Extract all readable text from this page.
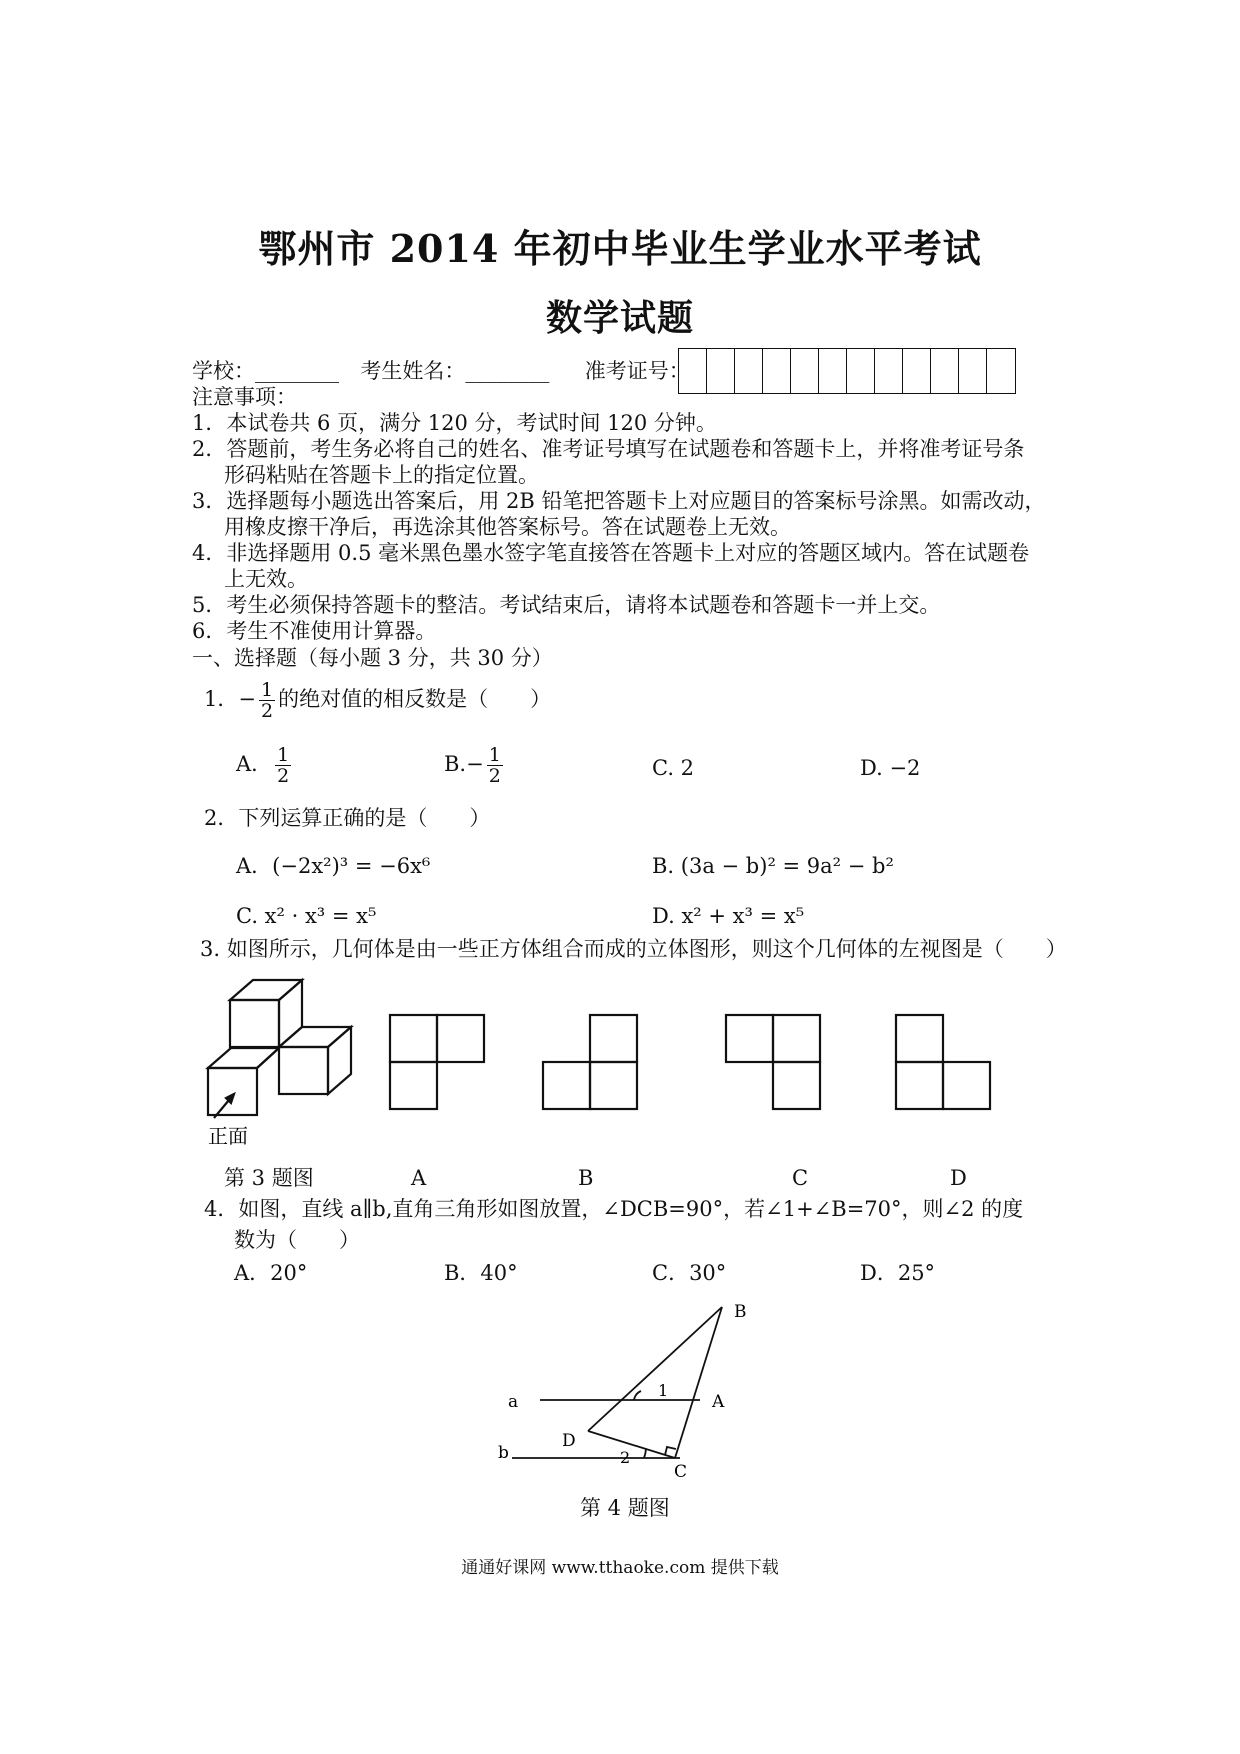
鄂州市 2014 年初中毕业生学业水平考试
数学试题
学校：________ 考生姓名：________ 准考证号：
注意事项：
1．本试卷共 6 页，满分 120 分，考试时间 120 分钟。
2．答题前，考生务必将自己的姓名、准考证号填写在试题卷和答题卡上，并将准考证号条
形码粘贴在答题卡上的指定位置。
3．选择题每小题选出答案后，用 2B 铅笔把答题卡上对应题目的答案标号涂黑。如需改动，
用橡皮擦干净后，再选涂其他答案标号。答在试题卷上无效。
4．非选择题用 0.5 毫米黑色墨水签字笔直接答在答题卡上对应的答题区域内。答在试题卷
上无效。
5．考生必须保持答题卡的整洁。考试结束后，请将本试题卷和答题卡一并上交。
6．考生不准使用计算器。
一、选择题（每小题 3 分，共 30 分）
1．− $\frac{1}{2}$ 的绝对值的相反数是（　　）
A． $\frac{1}{2}$	$B.- \frac{1}{2}$	C. 2	D. −2
2．下列运算正确的是（　　）
A．(−2x²)³ = −6x⁶	B. (3a − b)² = 9a² − b²
C. x² · x³ = x⁵	D. x² + x³ = x⁵
3. 如图所示，几何体是由一些正方体组合而成的立体图形，则这个几何体的左视图是（　　）
正面
第 3 题图	A	B	C	D
4．如图，直线 a∥b,直角三角形如图放置，∠DCB=90°，若∠1+∠B=70°，则∠2 的度
数为（　　）
A．20°	B．40°	C．30°	D．25°
B
A
C
D
a
b
1
2
第 4 题图
通通好课网 www.tthaoke.com 提供下载
